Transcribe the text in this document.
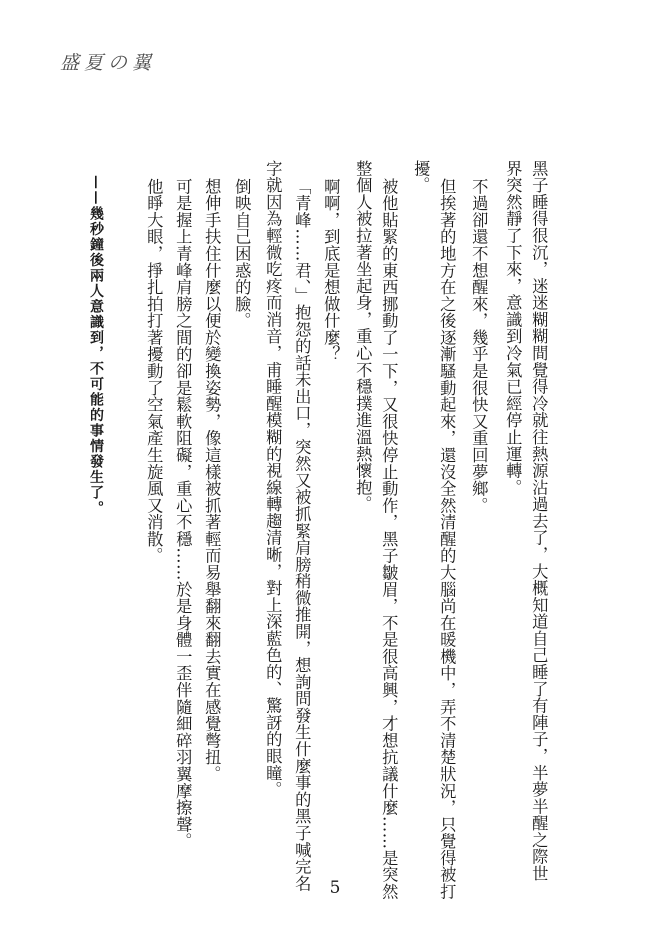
盛夏の翼
黑子睡得很沉，迷迷糊糊間覺得冷就往熱源沾過去了，大概知道自己睡了有陣子，半夢半醒之際世
界突然靜了下來，意識到冷氣已經停止運轉。
不過卻還不想醒來，幾乎是很快又重回夢鄉。
但挨著的地方在之後逐漸騷動起來，還沒全然清醒的大腦尚在暖機中，弄不清楚狀況，只覺得被打
擾。
被他貼緊的東西挪動了一下，又很快停止動作，黑子皺眉，不是很高興，才想抗議什麼……是突然
整個人被拉著坐起身，重心不穩撲進溫熱懷抱。
啊啊，到底是想做什麼？
「青峰……君、」抱怨的話未出口，突然又被抓緊肩膀稍微推開，想詢問發生什麼事的黑子喊完名
字就因為輕微吃疼而消音，甫睡醒模糊的視線轉趨清晰，對上深藍色的、驚訝的眼瞳。
倒映自己困惑的臉。
想伸手扶住什麼以便於變換姿勢，像這樣被抓著輕而易舉翻來翻去實在感覺彆扭。
可是握上青峰肩膀之間的卻是鬆軟阻礙，重心不穩……於是身體一歪伴隨細碎羽翼摩擦聲。
他睜大眼，掙扎拍打著擾動了空氣產生旋風又消散。
——幾秒鐘後兩人意識到，不可能的事情發生了。
5
